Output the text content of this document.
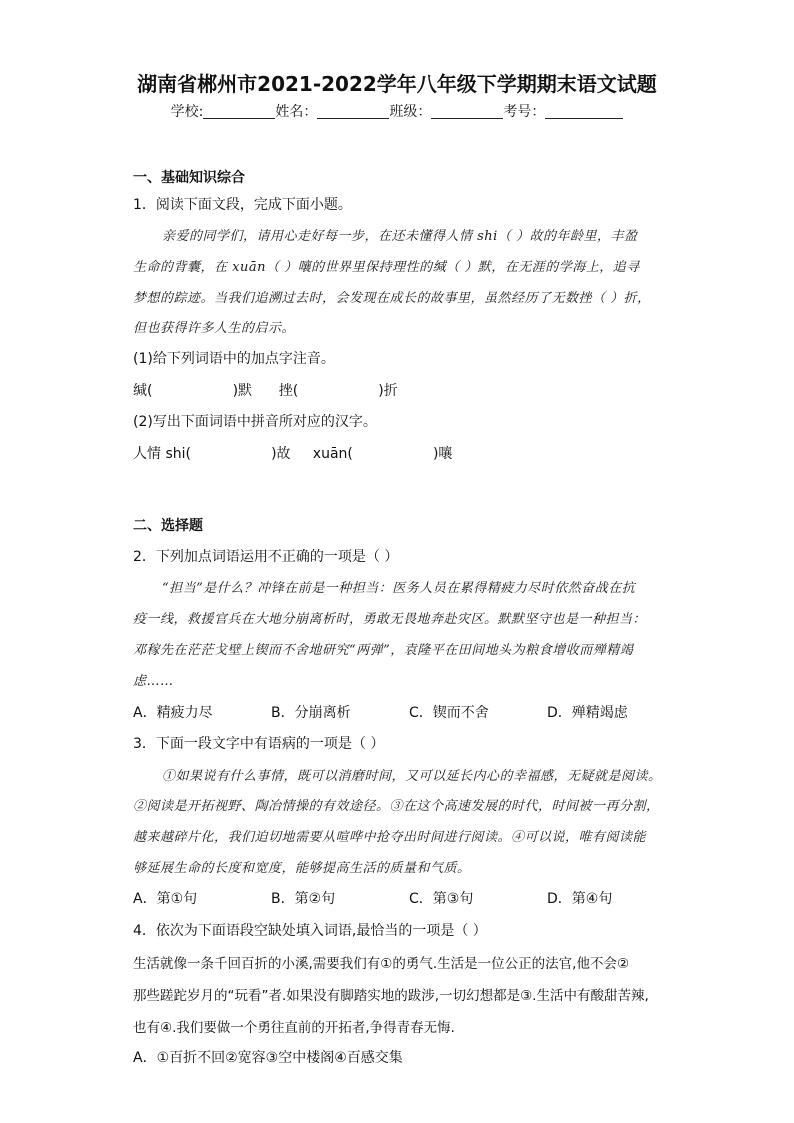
湖南省郴州市2021-2022学年八年级下学期期末语文试题
学校:	姓名：	班级：	考号：
一、基础知识综合
1．阅读下面文段，完成下面小题。
亲爱的同学们，请用心走好每一步，在还未懂得人情 shi（ ）故的年龄里，丰盈
生命的背囊，在 xuān（ ）嚷的世界里保持理性的缄（ ）默，在无涯的学海上，追寻
梦想的踪迹。当我们追溯过去时，会发现在成长的故事里，虽然经历了无数挫（ ）折，
但也获得许多人生的启示。
(1)给下列词语中的加点字注音。
缄(                  )默      挫(                  )折
(2)写出下面词语中拼音所对应的汉字。
人情 shi(                  )故     xuān(                  )嚷
二、选择题
2．下列加点词语运用不正确的一项是（ ）
“担当”是什么？冲锋在前是一种担当：医务人员在累得精疲力尽时依然奋战在抗
疫一线，救援官兵在大地分崩离析时，勇敢无畏地奔赴灾区。默默坚守也是一种担当：
邓稼先在茫茫戈壁上锲而不舍地研究“两弹”，袁隆平在田间地头为粮食增收而殚精竭
虑……
A．精疲力尽	B．分崩离析	C．锲而不舍	D．殚精竭虑
3．下面一段文字中有语病的一项是（ ）
①如果说有什么事情，既可以消磨时间，又可以延长内心的幸福感，无疑就是阅读。
②阅读是开拓视野、陶冶情操的有效途径。③在这个高速发展的时代，时间被一再分割，
越来越碎片化，我们迫切地需要从喧哗中抢夺出时间进行阅读。④可以说，唯有阅读能
够延展生命的长度和宽度，能够提高生活的质量和气质。
A．第①句	B．第②句	C．第③句	D．第④句
4．依次为下面语段空缺处填入词语,最恰当的一项是（ ）
生活就像一条千回百折的小溪,需要我们有①的勇气.生活是一位公正的法官,他不会②
那些蹉跎岁月的“玩看”者.如果没有脚踏实地的跋涉,一切幻想都是③.生活中有酸甜苦辣,
也有④.我们要做一个勇往直前的开拓者,争得青春无悔.
A．①百折不回②宽容③空中楼阁④百感交集
